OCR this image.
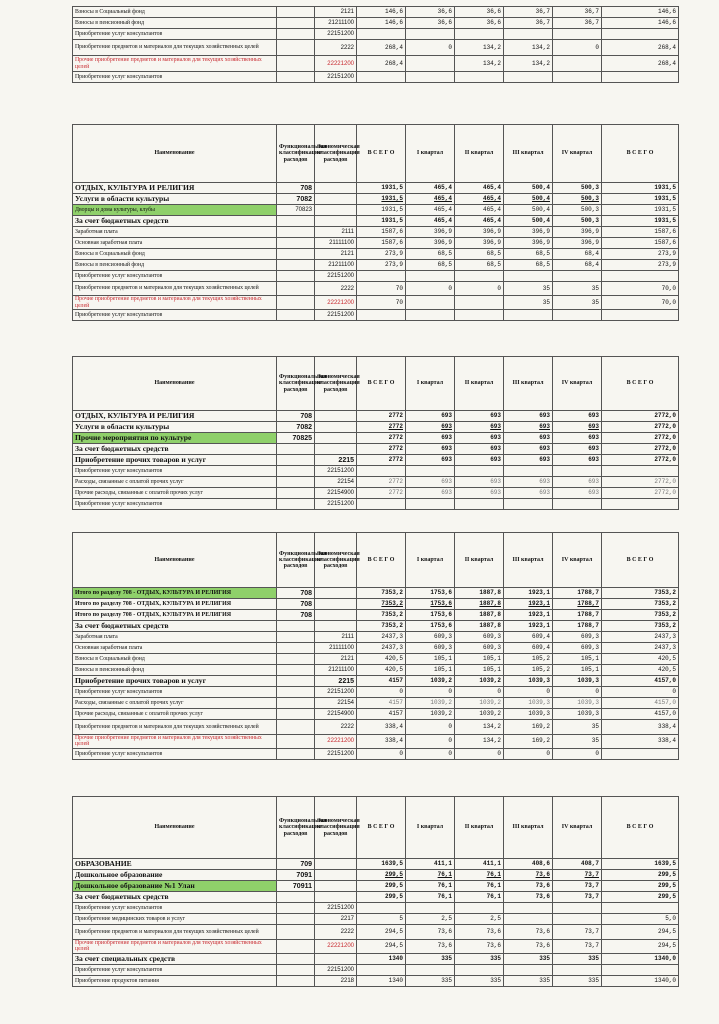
Взносы в Социальный фонд		2121	146,6	36,6	36,6	36,7	36,7	146,6
Взносы в пенсионный фонд		21211100	146,6	36,6	36,6	36,7	36,7	146,6
Приобретение услуг консультантов		22151200						
Приобретение предметов и материалов для текущих хозяйственных целей		2222	268,4	0	134,2	134,2	0	268,4
Прочие приобретение предметов и материалов для текущих хозяйственных целей		22221200	268,4		134,2	134,2		268,4
Приобретение услуг консультантов		22151200						
Наименование	Функциональная классификация расходов	Экономическая классификация расходов	В С Е Г О	I квартал	II квартал	III квартал	IV квартал	В С Е Г О
ОТДЫХ, КУЛЬТУРА И РЕЛИГИЯ	708		1931,5	465,4	465,4	500,4	500,3	1931,5
Услуги в области культуры	7082		1931,5	465,4	465,4	500,4	500,3	1931,5
Дворцы и дома культуры, клубы	70823		1931,5	465,4	465,4	500,4	500,3	1931,5
За счет бюджетных средств			1931,5	465,4	465,4	500,4	500,3	1931,5
Заработная плата		2111	1587,6	396,9	396,9	396,9	396,9	1587,6
Основная заработная плата		21111100	1587,6	396,9	396,9	396,9	396,9	1587,6
Взносы в Социальный фонд		2121	273,9	68,5	68,5	68,5	68,4	273,9
Взносы в пенсионный фонд		21211100	273,9	68,5	68,5	68,5	68,4	273,9
Приобретение услуг консультантов		22151200						
Приобретение предметов и материалов для текущих хозяйственных целей		2222	70	0	0	35	35	70,0
Прочие приобретение предметов и материалов для текущих хозяйственных целей		22221200	70			35	35	70,0
Приобретение услуг консультантов		22151200						
Наименование	Функциональная классификация расходов	Экономическая классификация расходов	В С Е Г О	I квартал	II квартал	III квартал	IV квартал	В С Е Г О
ОТДЫХ, КУЛЬТУРА И РЕЛИГИЯ	708		2772	693	693	693	693	2772,0
Услуги в области культуры	7082		2772	693	693	693	693	2772,0
Прочие мероприятия по культуре	70825		2772	693	693	693	693	2772,0
За счет бюджетных средств			2772	693	693	693	693	2772,0
Приобретение прочих товаров и услуг		2215	2772	693	693	693	693	2772,0
Приобретение услуг консультантов		22151200						
Расходы, связанные с оплатой прочих услуг		22154	2772	693	693	693	693	2772,0
Прочие расходы, связанные с оплатой прочих услуг		22154900	2772	693	693	693	693	2772,0
Приобретение услуг консультантов		22151200						
Наименование	Функциональная классификация расходов	Экономическая классификация расходов	В С Е Г О	I квартал	II квартал	III квартал	IV квартал	В С Е Г О
Итого по разделу 708 - ОТДЫХ, КУЛЬТУРА И РЕЛИГИЯ	708		7353,2	1753,6	1887,8	1923,1	1788,7	7353,2
Итого по разделу 708 - ОТДЫХ, КУЛЬТУРА И РЕЛИГИЯ	708		7353,2	1753,6	1887,8	1923,1	1788,7	7353,2
Итого по разделу 708 - ОТДЫХ, КУЛЬТУРА И РЕЛИГИЯ	708		7353,2	1753,6	1887,8	1923,1	1788,7	7353,2
За счет бюджетных средств			7353,2	1753,6	1887,8	1923,1	1788,7	7353,2
Заработная плата		2111	2437,3	609,3	609,3	609,4	609,3	2437,3
Основная заработная плата		21111100	2437,3	609,3	609,3	609,4	609,3	2437,3
Взносы в Социальный фонд		2121	420,5	105,1	105,1	105,2	105,1	420,5
Взносы в пенсионный фонд		21211100	420,5	105,1	105,1	105,2	105,1	420,5
Приобретение прочих товаров и услуг		2215	4157	1039,2	1039,2	1039,3	1039,3	4157,0
Приобретение услуг консультантов		22151200	0	0	0	0	0	0
Расходы, связанные с оплатой прочих услуг		22154	4157	1039,2	1039,2	1039,3	1039,3	4157,0
Прочие расходы, связанные с оплатой прочих услуг		22154900	4157	1039,2	1039,2	1039,3	1039,3	4157,0
Приобретение предметов и материалов для текущих хозяйственных целей		2222	338,4	0	134,2	169,2	35	338,4
Прочие приобретение предметов и материалов для текущих хозяйственных целей		22221200	338,4	0	134,2	169,2	35	338,4
Приобретение услуг консультантов		22151200	0	0	0	0	0	
Наименование	Функциональная классификация расходов	Экономическая классификация расходов	В С Е Г О	I квартал	II квартал	III квартал	IV квартал	В С Е Г О
ОБРАЗОВАНИЕ	709		1639,5	411,1	411,1	408,6	408,7	1639,5
Дошкольное образование	7091		299,5	76,1	76,1	73,6	73,7	299,5
Дошкольное образование №1 Улан	70911		299,5	76,1	76,1	73,6	73,7	299,5
За счет бюджетных средств			299,5	76,1	76,1	73,6	73,7	299,5
Приобретение услуг консультантов		22151200						
Приобретение медицинских товаров и услуг		2217	5	2,5	2,5			5,0
Приобретение предметов и материалов для текущих хозяйственных целей		2222	294,5	73,6	73,6	73,6	73,7	294,5
Прочие приобретение предметов и материалов для текущих хозяйственных целей		22221200	294,5	73,6	73,6	73,6	73,7	294,5
За счет специальных средств			1340	335	335	335	335	1340,0
Приобретение услуг консультантов		22151200						
Приобретение продуктов питания		2218	1340	335	335	335	335	1340,0
